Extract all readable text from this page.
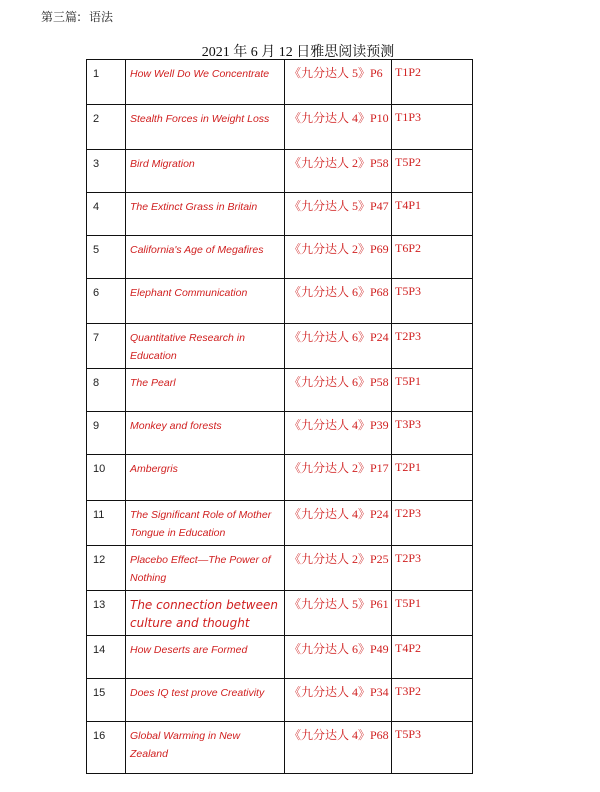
第三篇: 语法
2021 年 6 月 12 日雅思阅读预测
1	How Well Do We Concentrate	《九分达人 5》P6	T1P2
2	Stealth Forces in Weight Loss	《九分达人 4》P10	T1P3
3	Bird Migration	《九分达人 2》P58	T5P2
4	The Extinct Grass in Britain	《九分达人 5》P47	T4P1
5	California's Age of Megafires	《九分达人 2》P69	T6P2
6	Elephant Communication	《九分达人 6》P68	T5P3
7	Quantitative Research in Education	《九分达人 6》P24	T2P3
8	The Pearl	《九分达人 6》P58	T5P1
9	Monkey and forests	《九分达人 4》P39	T3P3
10	Ambergris	《九分达人 2》P17	T2P1
11	The Significant Role of Mother Tongue in Education	《九分达人 4》P24	T2P3
12	Placebo Effect—The Power of Nothing	《九分达人 2》P25	T2P3
13	The connection between culture and thought	《九分达人 5》P61	T5P1
14	How Deserts are Formed	《九分达人 6》P49	T4P2
15	Does IQ test prove Creativity	《九分达人 4》P34	T3P2
16	Global Warming in New Zealand	《九分达人 4》P68	T5P3
